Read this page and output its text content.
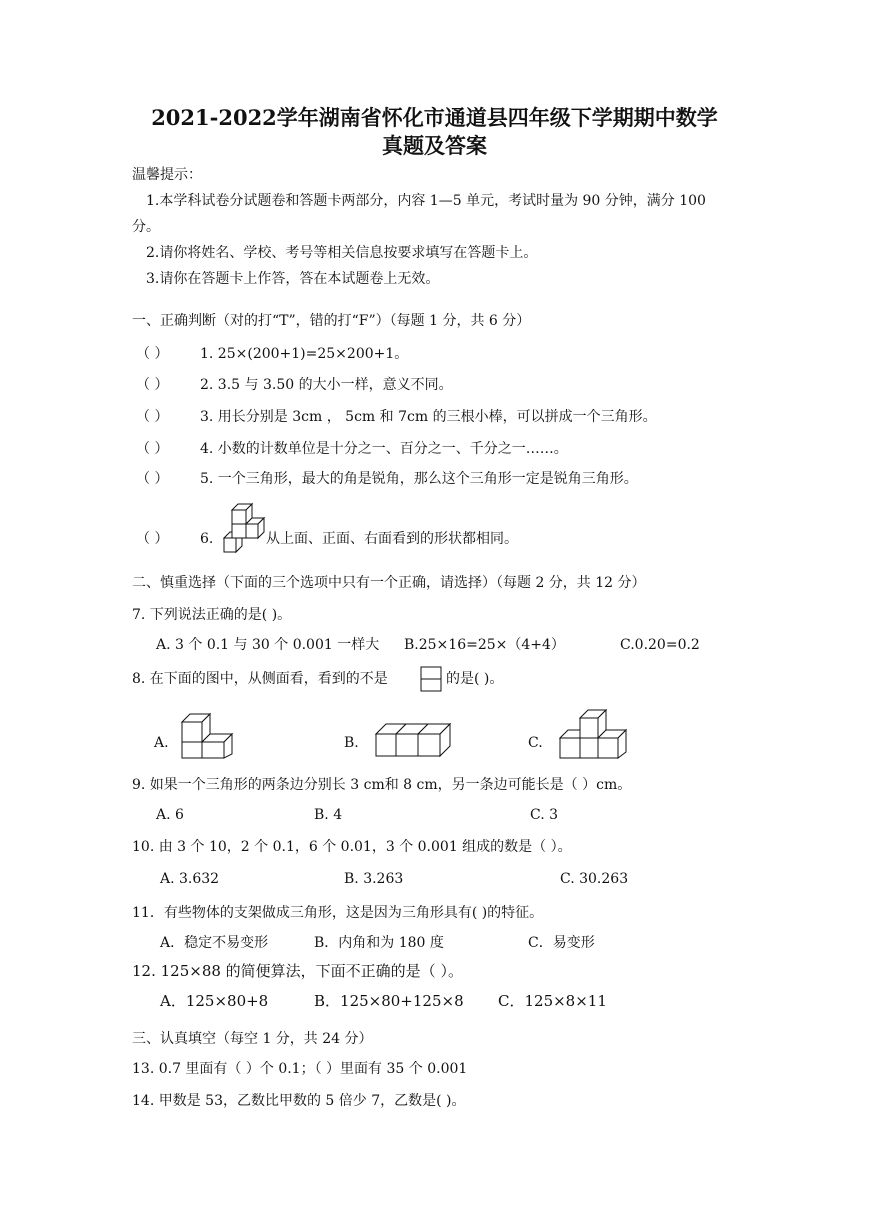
2021-2022学年湖南省怀化市通道县四年级下学期期中数学
真题及答案
温馨提示：
1.本学科试卷分试题卷和答题卡两部分，内容 1—5 单元，考试时量为 90 分钟，满分 100
分。
2.请你将姓名、学校、考号等相关信息按要求填写在答题卡上。
3.请你在答题卡上作答，答在本试题卷上无效。
一、正确判断（对的打“T”，错的打“F”）（每题 1 分，共 6 分）
（ ） 1. 25×(200+1)=25×200+1。
（ ） 2. 3.5 与 3.50 的大小一样，意义不同。
（ ） 3. 用长分别是 3cm ， 5cm 和 7cm 的三根小棒，可以拼成一个三角形。
（ ） 4. 小数的计数单位是十分之一、百分之一、千分之一……。
（ ） 5. 一个三角形，最大的角是锐角，那么这个三角形一定是锐角三角形。
（ ） 6.	从上面、正面、右面看到的形状都相同。
二、慎重选择（下面的三个选项中只有一个正确，请选择）（每题 2 分，共 12 分）
7. 下列说法正确的是( )。
A. 3 个 0.1 与 30 个 0.001 一样大 B.25×16=25×（4+4）	C.0.20=0.2
8. 在下面的图中，从侧面看，看到的不是	的是( )。
A.	B.	C.
9. 如果一个三角形的两条边分别长 3 cm和 8 cm，另一条边可能长是（ ）cm。
A. 6	B. 4	C. 3
10. 由 3 个 10，2 个 0.1，6 个 0.01，3 个 0.001 组成的数是（ ）。
A. 3.632	B. 3.263	C. 30.263
11．有些物体的支架做成三角形，这是因为三角形具有( )的特征。
A．稳定不易变形	B．内角和为 180 度	C．易变形
12. 125×88 的简便算法，下面不正确的是（ ）。
A．125×80+8	B．125×80+125×8 C．125×8×11
三、认真填空（每空 1 分，共 24 分）
13. 0.7 里面有（ ）个 0.1；（ ）里面有 35 个 0.001
14. 甲数是 53，乙数比甲数的 5 倍少 7，乙数是( )。
